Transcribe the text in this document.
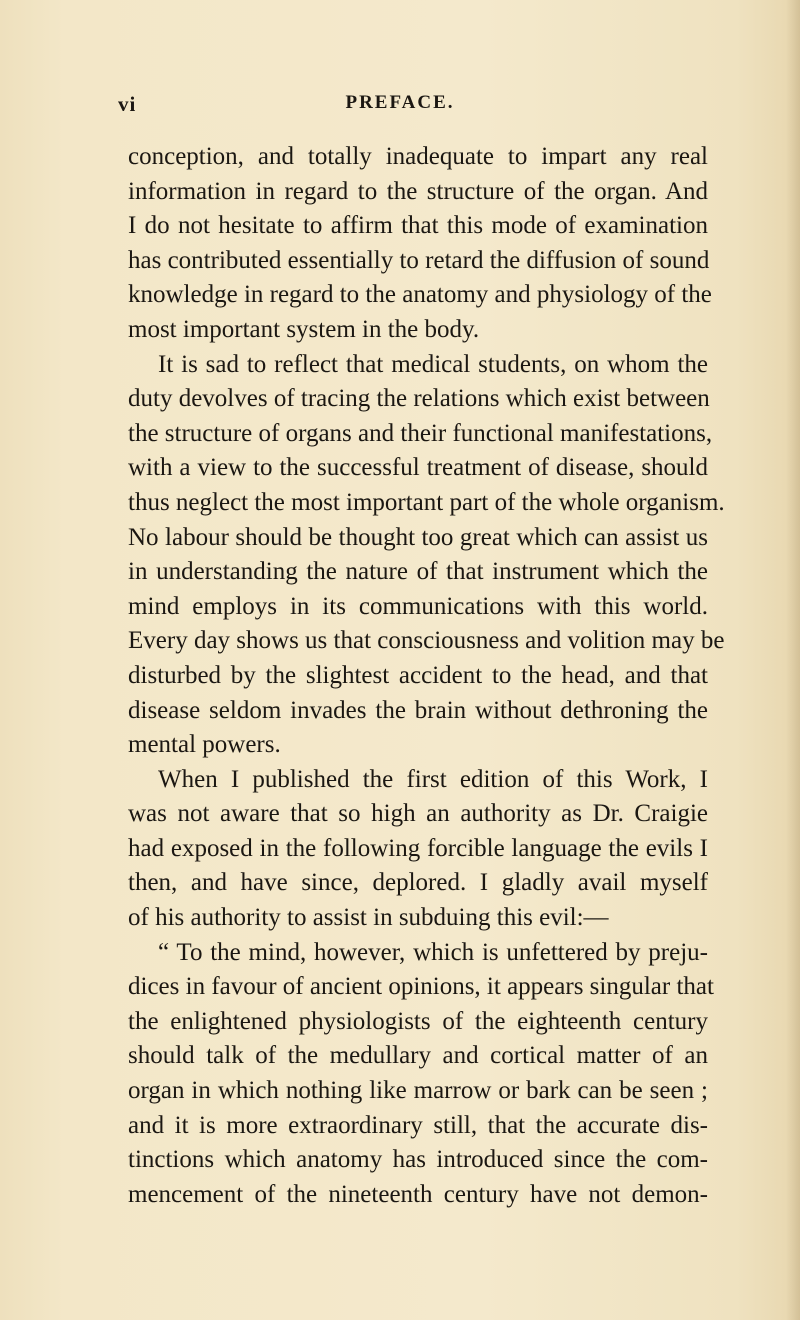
vi	PREFACE.
conception, and totally inadequate to impart any real
information in regard to the structure of the organ. And
I do not hesitate to affirm that this mode of examination
has contributed essentially to retard the diffusion of sound
knowledge in regard to the anatomy and physiology of the
most important system in the body.
It is sad to reflect that medical students, on whom the
duty devolves of tracing the relations which exist between
the structure of organs and their functional manifestations,
with a view to the successful treatment of disease, should
thus neglect the most important part of the whole organism.
No labour should be thought too great which can assist us
in understanding the nature of that instrument which the
mind employs in its communications with this world.
Every day shows us that consciousness and volition may be
disturbed by the slightest accident to the head, and that
disease seldom invades the brain without dethroning the
mental powers.
When I published the first edition of this Work, I
was not aware that so high an authority as Dr. Craigie
had exposed in the following forcible language the evils I
then, and have since, deplored. I gladly avail myself
of his authority to assist in subduing this evil:—
“ To the mind, however, which is unfettered by preju-
dices in favour of ancient opinions, it appears singular that
the enlightened physiologists of the eighteenth century
should talk of the medullary and cortical matter of an
organ in which nothing like marrow or bark can be seen ;
and it is more extraordinary still, that the accurate dis-
tinctions which anatomy has introduced since the com-
mencement of the nineteenth century have not demon-
